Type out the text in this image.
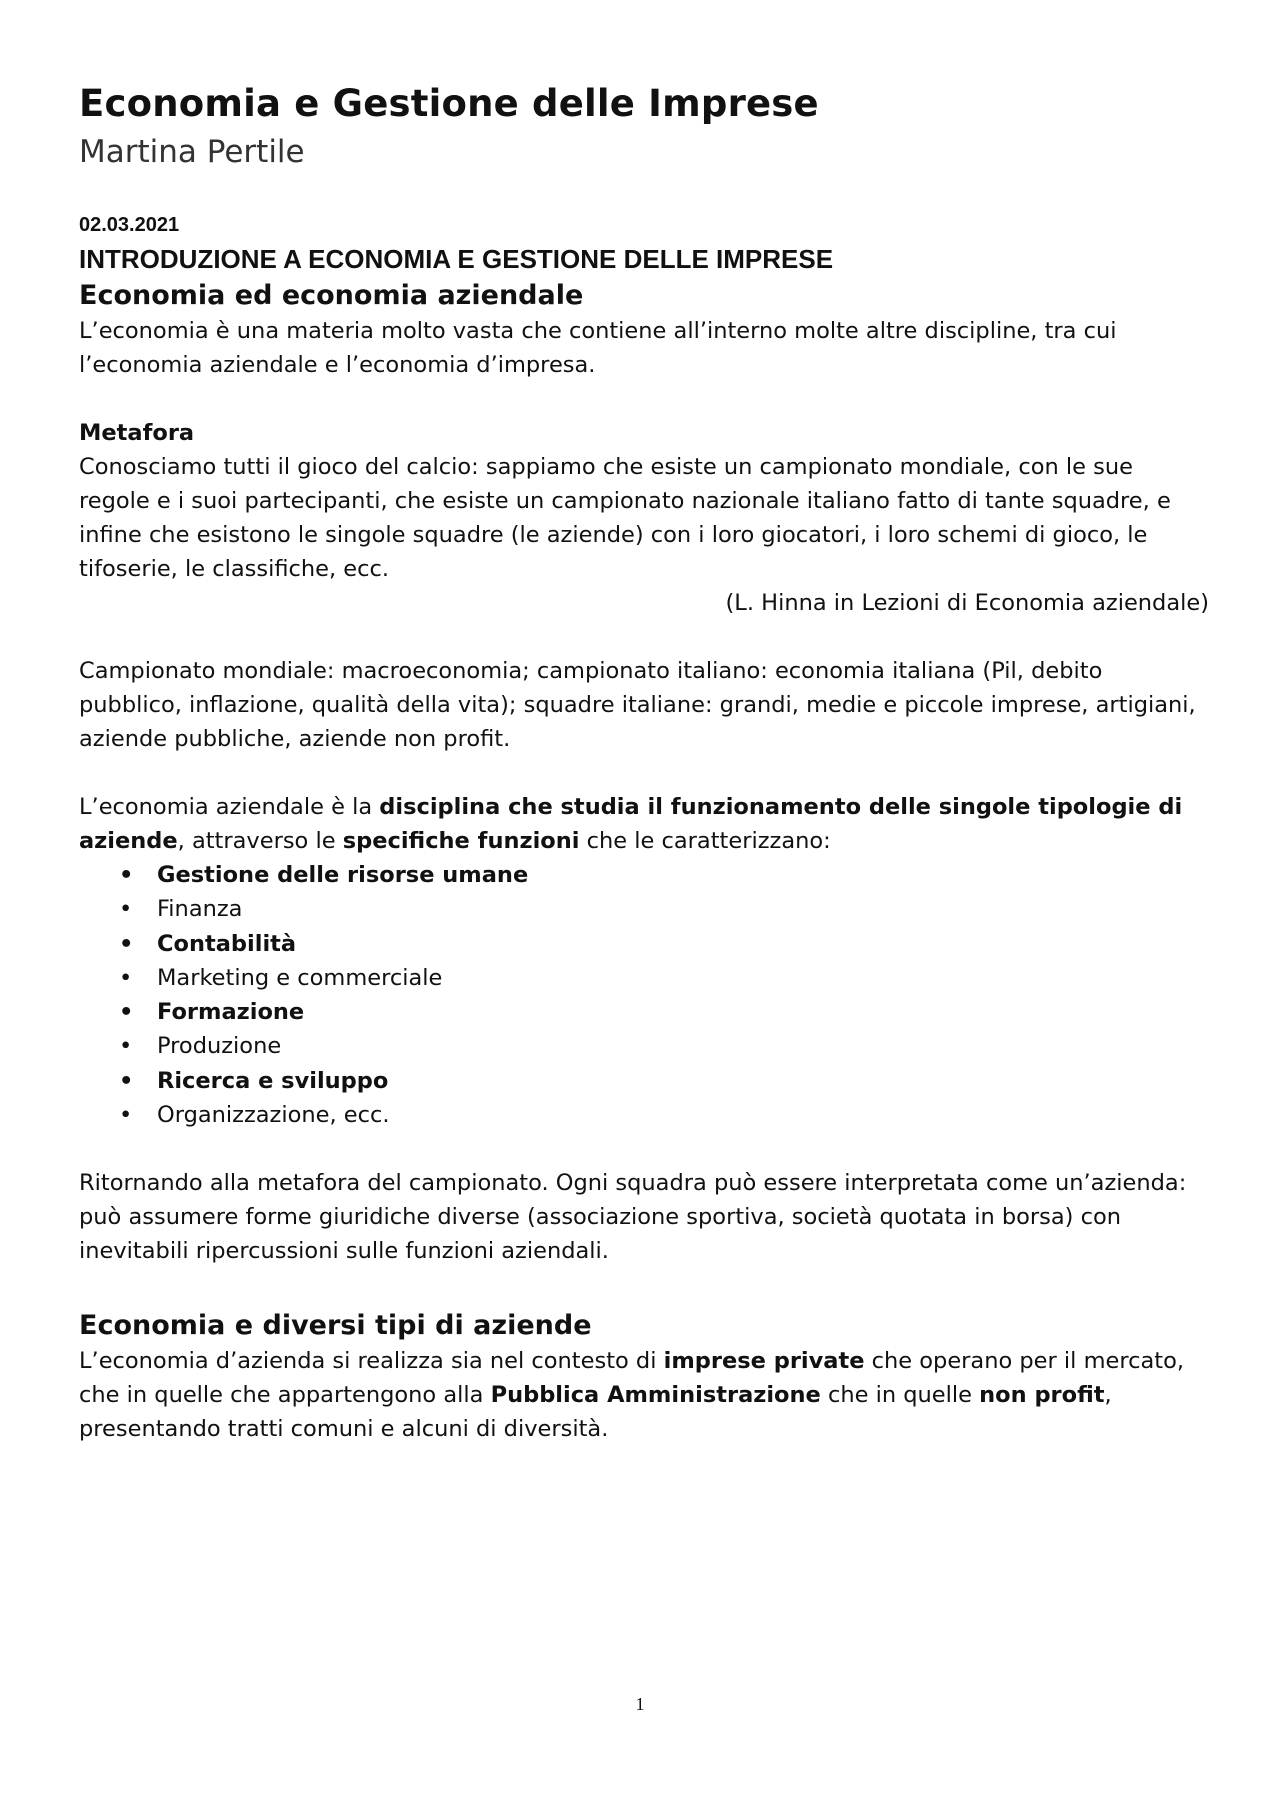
Economia e Gestione delle Imprese
Martina Pertile
02.03.2021
INTRODUZIONE A ECONOMIA E GESTIONE DELLE IMPRESE
Economia ed economia aziendale

L’economia è una materia molto vasta che contiene all’interno molte altre discipline, tra cui l’economia aziendale e l’economia d’impresa.

Metafora

Conosciamo tutti il gioco del calcio: sappiamo che esiste un campionato mondiale, con le sue regole e i suoi partecipanti, che esiste un campionato nazionale italiano fatto di tante squadre, e infine che esistono le singole squadre (le aziende) con i loro giocatori, i loro schemi di gioco, le tifoserie, le classifiche, ecc.

(L. Hinna in Lezioni di Economia aziendale)

Campionato mondiale: macroeconomia; campionato italiano: economia italiana (Pil, debito pubblico, inflazione, qualità della vita); squadre italiane: grandi, medie e piccole imprese, artigiani, aziende pubbliche, aziende non profit.

L’economia aziendale è la disciplina che studia il funzionamento delle singole tipologie di aziende, attraverso le specifiche funzioni che le caratterizzano:

• Gestione delle risorse umane
• Finanza
• Contabilità
• Marketing e commerciale
• Formazione
• Produzione
• Ricerca e sviluppo
• Organizzazione, ecc.

Ritornando alla metafora del campionato. Ogni squadra può essere interpretata come un’azienda: può assumere forme giuridiche diverse (associazione sportiva, società quotata in borsa) con inevitabili ripercussioni sulle funzioni aziendali.

Economia e diversi tipi di aziende

L’economia d’azienda si realizza sia nel contesto di imprese private che operano per il mercato, che in quelle che appartengono alla Pubblica Amministrazione che in quelle non profit, presentando tratti comuni e alcuni di diversità.

1
